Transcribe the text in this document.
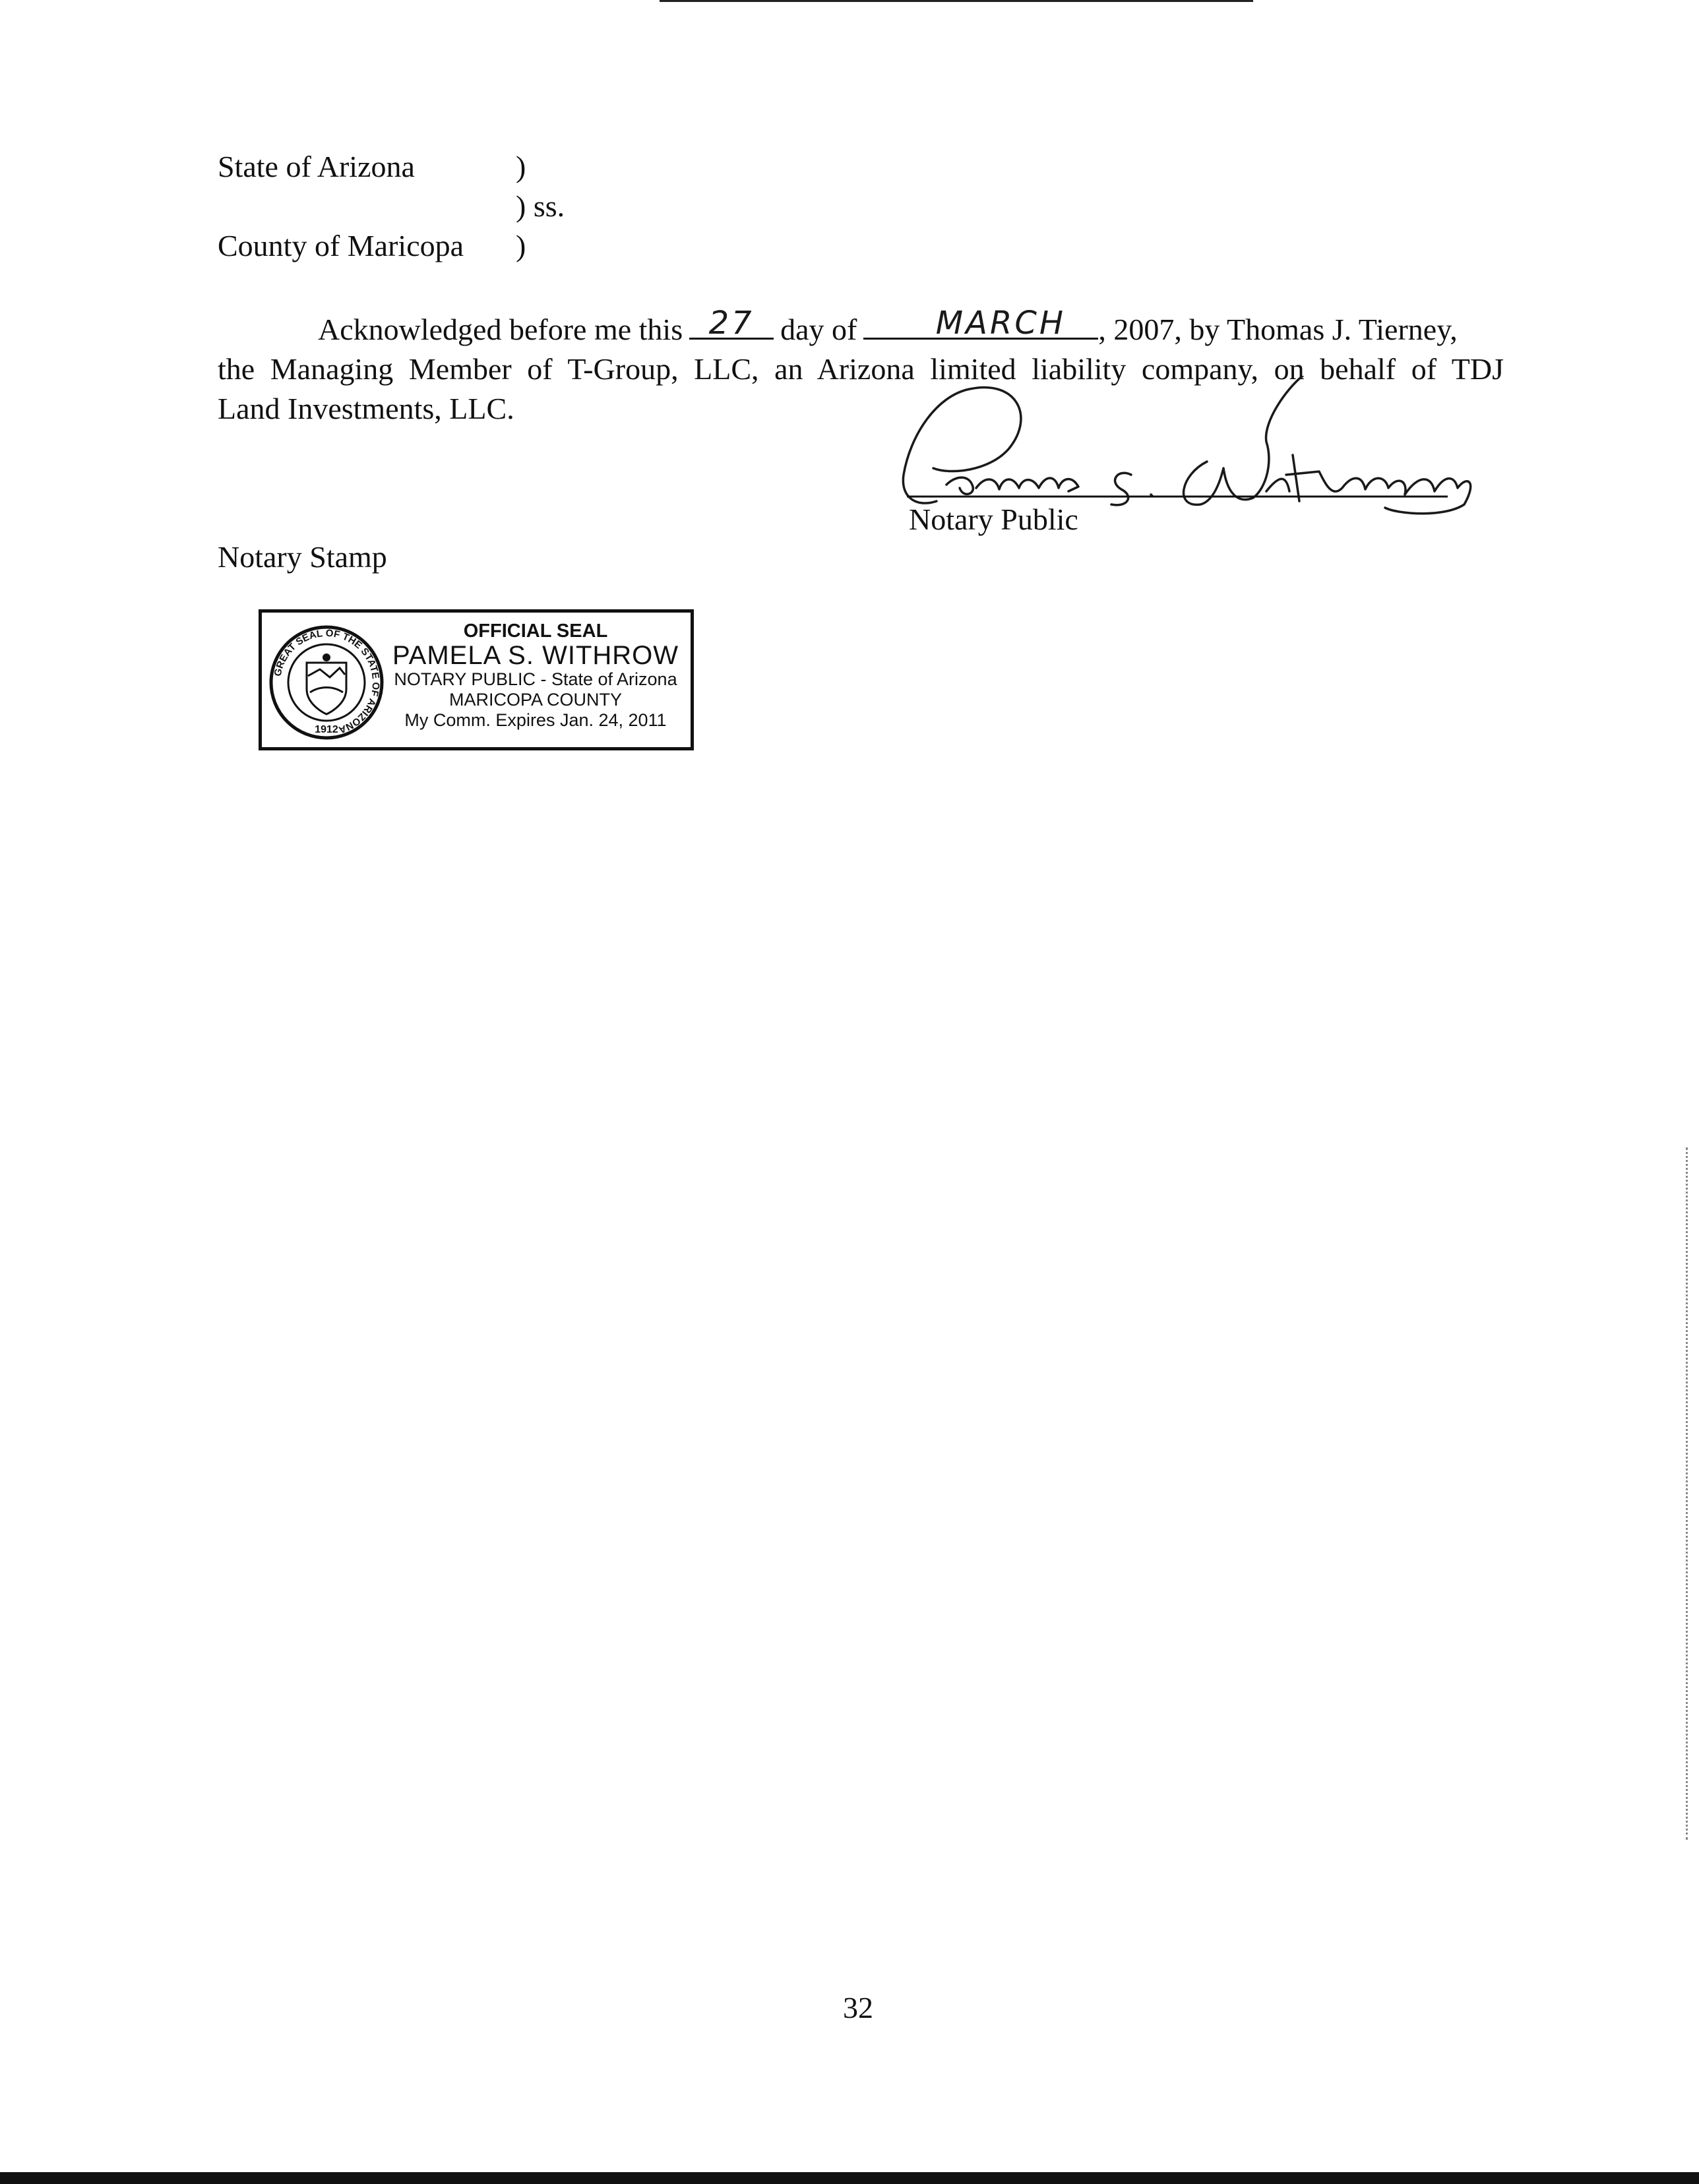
State of Arizona	)
) ss.
County of Maricopa )
Acknowledged before me this 27 day of	MARCH	, 2007, by Thomas J. Tierney,
the Managing Member of T-Group, LLC, an Arizona limited liability company, on behalf of TDJ
Land Investments, LLC.
Notary Public
Notary Stamp
GREAT SEAL OF THE STATE OF ARIZONA
1912
OFFICIAL SEAL
PAMELA S. WITHROW
NOTARY PUBLIC - State of Arizona
MARICOPA COUNTY
My Comm. Expires Jan. 24, 2011
32
